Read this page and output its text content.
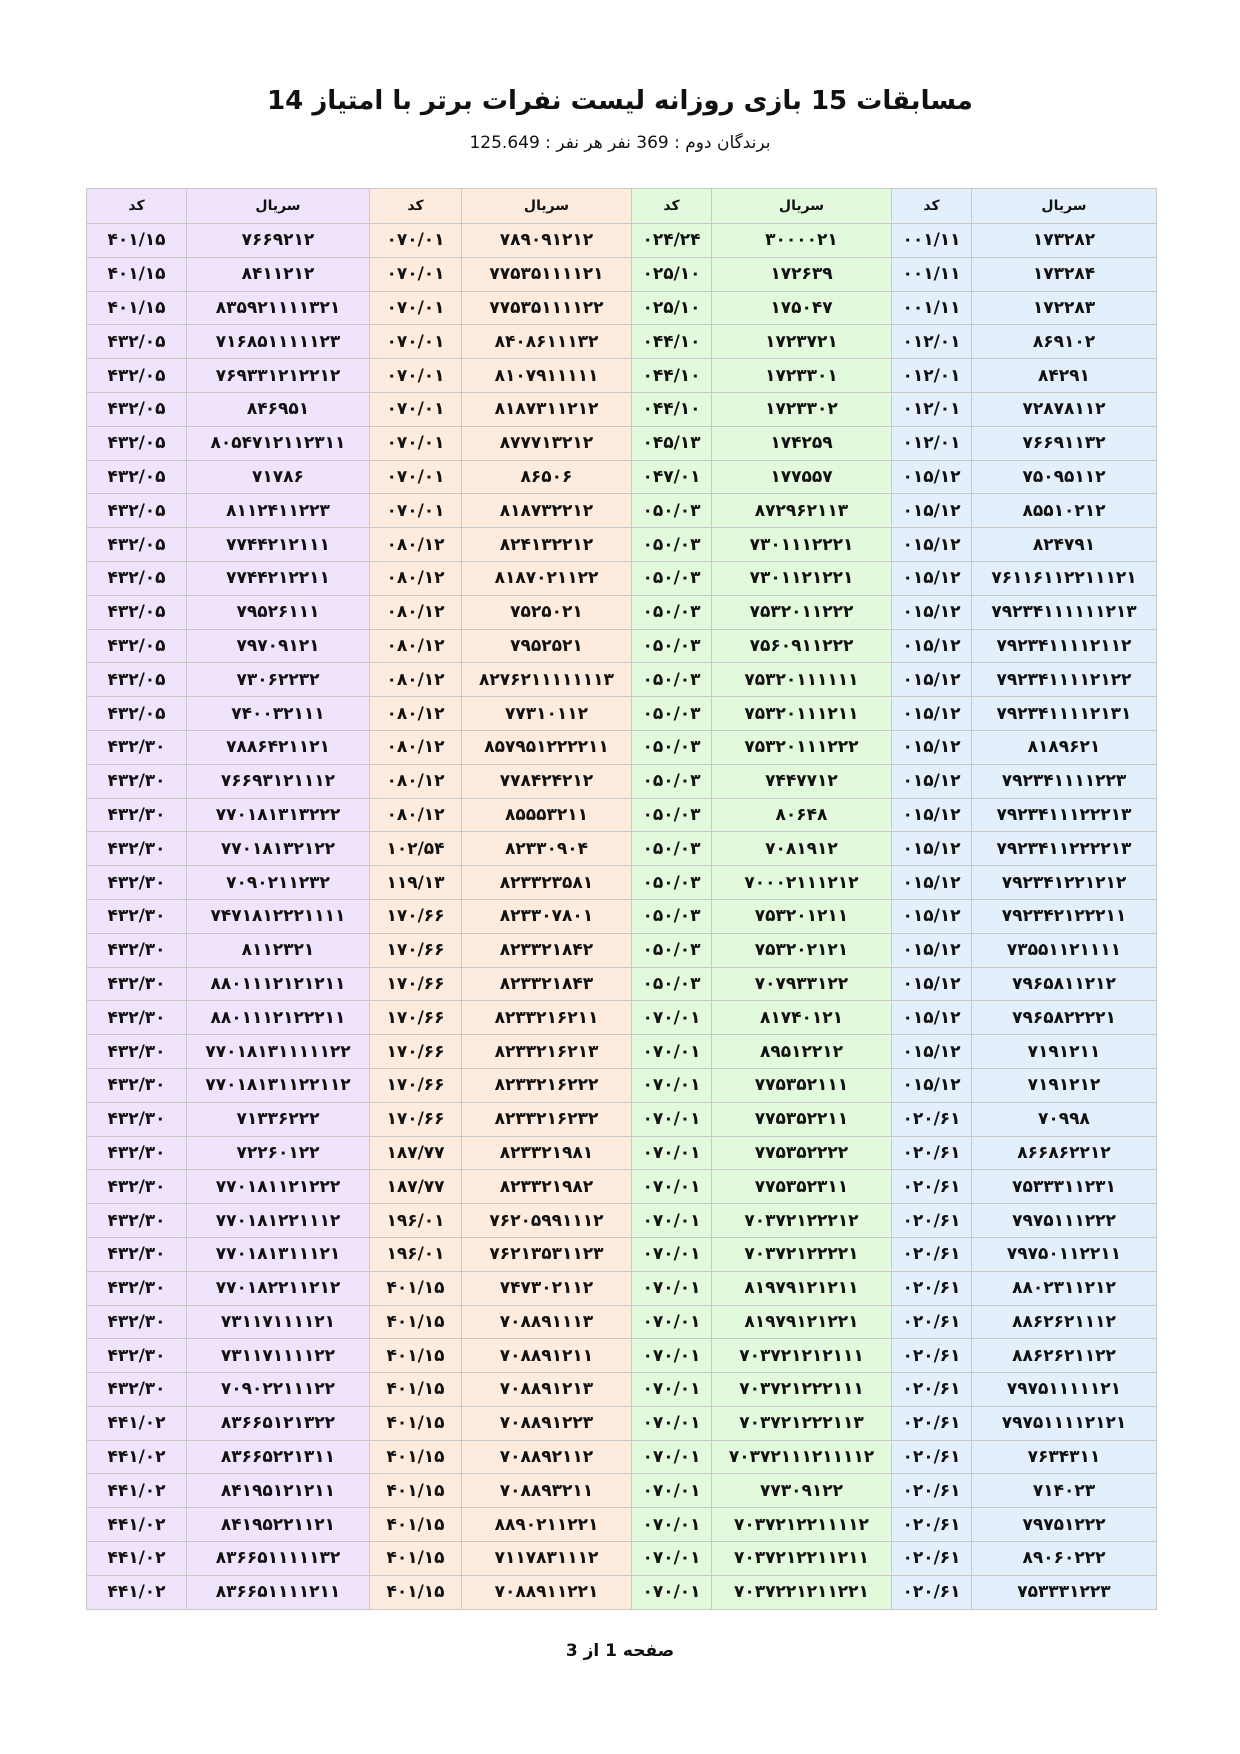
مسابقات 15 بازی روزانه لیست نفرات برتر با امتیاز 14
برندگان دوم : 369 نفر هر نفر : 125.649
سریال	کد	سریال	کد	سریال	کد	سریال	کد
۱۷۳۲۸۲	۰۰۱/۱۱	۳۰۰۰۰۲۱	۰۲۴/۲۴	۷۸۹۰۹۱۲۱۲	۰۷۰/۰۱	۷۶۶۹۲۱۲	۴۰۱/۱۵
۱۷۳۲۸۴	۰۰۱/۱۱	۱۷۲۶۳۹	۰۲۵/۱۰	۷۷۵۳۵۱۱۱۱۲۱	۰۷۰/۰۱	۸۴۱۱۲۱۲	۴۰۱/۱۵
۱۷۲۲۸۳	۰۰۱/۱۱	۱۷۵۰۴۷	۰۲۵/۱۰	۷۷۵۳۵۱۱۱۱۲۲	۰۷۰/۰۱	۸۳۵۹۲۱۱۱۱۳۲۱	۴۰۱/۱۵
۸۶۹۱۰۲	۰۱۲/۰۱	۱۷۲۳۷۲۱	۰۴۴/۱۰	۸۴۰۸۶۱۱۱۳۲	۰۷۰/۰۱	۷۱۶۸۵۱۱۱۱۱۲۳	۴۳۲/۰۵
۸۴۲۹۱	۰۱۲/۰۱	۱۷۲۳۳۰۱	۰۴۴/۱۰	۸۱۰۷۹۱۱۱۱۱	۰۷۰/۰۱	۷۶۹۳۳۱۲۱۲۲۱۲	۴۳۲/۰۵
۷۲۸۷۸۱۱۲	۰۱۲/۰۱	۱۷۲۳۳۰۲	۰۴۴/۱۰	۸۱۸۷۳۱۱۲۱۲	۰۷۰/۰۱	۸۴۶۹۵۱	۴۳۲/۰۵
۷۶۶۹۱۱۳۲	۰۱۲/۰۱	۱۷۴۲۵۹	۰۴۵/۱۳	۸۷۷۷۱۳۲۱۲	۰۷۰/۰۱	۸۰۵۴۷۱۲۱۱۲۳۱۱	۴۳۲/۰۵
۷۵۰۹۵۱۱۲	۰۱۵/۱۲	۱۷۷۵۵۷	۰۴۷/۰۱	۸۶۵۰۶	۰۷۰/۰۱	۷۱۷۸۶	۴۳۲/۰۵
۸۵۵۱۰۲۱۲	۰۱۵/۱۲	۸۷۲۹۶۲۱۱۳	۰۵۰/۰۳	۸۱۸۷۳۲۲۱۲	۰۷۰/۰۱	۸۱۱۲۴۱۱۲۲۳	۴۳۲/۰۵
۸۲۴۷۹۱	۰۱۵/۱۲	۷۳۰۱۱۱۲۲۲۱	۰۵۰/۰۳	۸۲۴۱۳۲۲۱۲	۰۸۰/۱۲	۷۷۴۴۲۱۲۱۱۱	۴۳۲/۰۵
۷۶۱۱۶۱۱۲۲۱۱۱۲۱	۰۱۵/۱۲	۷۳۰۱۱۲۱۲۲۱	۰۵۰/۰۳	۸۱۸۷۰۲۱۱۲۲	۰۸۰/۱۲	۷۷۴۴۲۱۲۲۱۱	۴۳۲/۰۵
۷۹۲۳۴۱۱۱۱۱۱۲۱۳	۰۱۵/۱۲	۷۵۳۲۰۱۱۲۲۲	۰۵۰/۰۳	۷۵۲۵۰۲۱	۰۸۰/۱۲	۷۹۵۲۶۱۱۱	۴۳۲/۰۵
۷۹۲۳۴۱۱۱۱۲۱۱۲	۰۱۵/۱۲	۷۵۶۰۹۱۱۲۲۲	۰۵۰/۰۳	۷۹۵۲۵۲۱	۰۸۰/۱۲	۷۹۷۰۹۱۲۱	۴۳۲/۰۵
۷۹۲۳۴۱۱۱۱۲۱۲۲	۰۱۵/۱۲	۷۵۳۲۰۱۱۱۱۱۱	۰۵۰/۰۳	۸۲۷۶۲۱۱۱۱۱۱۱۳	۰۸۰/۱۲	۷۳۰۶۲۲۳۲	۴۳۲/۰۵
۷۹۲۳۴۱۱۱۱۲۱۳۱	۰۱۵/۱۲	۷۵۳۲۰۱۱۱۲۱۱	۰۵۰/۰۳	۷۷۳۱۰۱۱۲	۰۸۰/۱۲	۷۴۰۰۳۲۱۱۱	۴۳۲/۰۵
۸۱۸۹۶۲۱	۰۱۵/۱۲	۷۵۳۲۰۱۱۱۲۲۲	۰۵۰/۰۳	۸۵۷۹۵۱۲۲۲۲۱۱	۰۸۰/۱۲	۷۸۸۶۴۲۱۱۲۱	۴۳۲/۳۰
۷۹۲۳۴۱۱۱۱۲۲۳	۰۱۵/۱۲	۷۴۴۷۷۱۲	۰۵۰/۰۳	۷۷۸۴۲۴۲۱۲	۰۸۰/۱۲	۷۶۶۹۳۱۲۱۱۱۲	۴۳۲/۳۰
۷۹۲۳۴۱۱۱۲۲۲۱۳	۰۱۵/۱۲	۸۰۶۴۸	۰۵۰/۰۳	۸۵۵۵۳۲۱۱	۰۸۰/۱۲	۷۷۰۱۸۱۳۱۳۲۲۲	۴۳۲/۳۰
۷۹۲۳۴۱۱۲۲۲۲۱۳	۰۱۵/۱۲	۷۰۸۱۹۱۲	۰۵۰/۰۳	۸۲۳۳۰۹۰۴	۱۰۲/۵۴	۷۷۰۱۸۱۳۲۱۲۲	۴۳۲/۳۰
۷۹۲۳۴۱۲۲۱۲۱۲	۰۱۵/۱۲	۷۰۰۰۲۱۱۱۲۱۲	۰۵۰/۰۳	۸۲۳۳۲۳۵۸۱	۱۱۹/۱۳	۷۰۹۰۲۱۱۲۳۲	۴۳۲/۳۰
۷۹۲۳۴۲۱۲۲۲۱۱	۰۱۵/۱۲	۷۵۳۲۰۱۲۱۱	۰۵۰/۰۳	۸۲۳۳۰۷۸۰۱	۱۷۰/۶۶	۷۴۷۱۸۱۲۲۲۱۱۱۱	۴۳۲/۳۰
۷۳۵۵۱۱۲۱۱۱۱	۰۱۵/۱۲	۷۵۳۲۰۲۱۲۱	۰۵۰/۰۳	۸۲۳۳۲۱۸۴۲	۱۷۰/۶۶	۸۱۱۲۳۲۱	۴۳۲/۳۰
۷۹۶۵۸۱۱۲۱۲	۰۱۵/۱۲	۷۰۷۹۳۳۱۲۲	۰۵۰/۰۳	۸۲۳۳۲۱۸۴۳	۱۷۰/۶۶	۸۸۰۱۱۱۲۱۲۱۲۱۱	۴۳۲/۳۰
۷۹۶۵۸۲۲۲۲۱	۰۱۵/۱۲	۸۱۷۴۰۱۲۱	۰۷۰/۰۱	۸۲۳۳۲۱۶۲۱۱	۱۷۰/۶۶	۸۸۰۱۱۱۲۱۲۲۲۱۱	۴۳۲/۳۰
۷۱۹۱۲۱۱	۰۱۵/۱۲	۸۹۵۱۲۲۱۲	۰۷۰/۰۱	۸۲۳۳۲۱۶۲۱۳	۱۷۰/۶۶	۷۷۰۱۸۱۳۱۱۱۱۱۲۲	۴۳۲/۳۰
۷۱۹۱۲۱۲	۰۱۵/۱۲	۷۷۵۳۵۲۱۱۱	۰۷۰/۰۱	۸۲۳۳۲۱۶۲۲۲	۱۷۰/۶۶	۷۷۰۱۸۱۳۱۱۲۲۱۱۲	۴۳۲/۳۰
۷۰۹۹۸	۰۲۰/۶۱	۷۷۵۳۵۲۲۱۱	۰۷۰/۰۱	۸۲۳۳۲۱۶۲۳۲	۱۷۰/۶۶	۷۱۳۳۶۲۲۲	۴۳۲/۳۰
۸۶۶۸۶۲۲۱۲	۰۲۰/۶۱	۷۷۵۳۵۲۲۲۲	۰۷۰/۰۱	۸۲۳۳۲۱۹۸۱	۱۸۷/۷۷	۷۲۲۶۰۱۲۲	۴۳۲/۳۰
۷۵۳۳۳۱۱۲۳۱	۰۲۰/۶۱	۷۷۵۳۵۲۳۱۱	۰۷۰/۰۱	۸۲۳۳۲۱۹۸۲	۱۸۷/۷۷	۷۷۰۱۸۱۱۲۱۲۲۲	۴۳۲/۳۰
۷۹۷۵۱۱۱۲۲۲	۰۲۰/۶۱	۷۰۳۷۲۱۲۲۲۱۲	۰۷۰/۰۱	۷۶۲۰۵۹۹۱۱۱۲	۱۹۶/۰۱	۷۷۰۱۸۱۲۲۱۱۱۲	۴۳۲/۳۰
۷۹۷۵۰۱۱۲۲۱۱	۰۲۰/۶۱	۷۰۳۷۲۱۲۲۲۲۱	۰۷۰/۰۱	۷۶۲۱۳۵۳۱۱۲۳	۱۹۶/۰۱	۷۷۰۱۸۱۳۱۱۱۲۱	۴۳۲/۳۰
۸۸۰۲۳۱۱۲۱۲	۰۲۰/۶۱	۸۱۹۷۹۱۲۱۲۱۱	۰۷۰/۰۱	۷۴۷۳۰۲۱۱۲	۴۰۱/۱۵	۷۷۰۱۸۲۲۱۱۲۱۲	۴۳۲/۳۰
۸۸۶۲۶۲۱۱۱۲	۰۲۰/۶۱	۸۱۹۷۹۱۲۱۲۲۱	۰۷۰/۰۱	۷۰۸۸۹۱۱۱۳	۴۰۱/۱۵	۷۳۱۱۷۱۱۱۱۲۱	۴۳۲/۳۰
۸۸۶۲۶۲۱۱۲۲	۰۲۰/۶۱	۷۰۳۷۲۱۲۱۲۱۱۱	۰۷۰/۰۱	۷۰۸۸۹۱۲۱۱	۴۰۱/۱۵	۷۳۱۱۷۱۱۱۱۲۲	۴۳۲/۳۰
۷۹۷۵۱۱۱۱۱۲۱	۰۲۰/۶۱	۷۰۳۷۲۱۲۲۲۱۱۱	۰۷۰/۰۱	۷۰۸۸۹۱۲۱۳	۴۰۱/۱۵	۷۰۹۰۲۲۱۱۱۲۲	۴۳۲/۳۰
۷۹۷۵۱۱۱۱۲۱۲۱	۰۲۰/۶۱	۷۰۳۷۲۱۲۲۲۱۱۳	۰۷۰/۰۱	۷۰۸۸۹۱۲۲۳	۴۰۱/۱۵	۸۳۶۶۵۱۲۱۳۲۲	۴۴۱/۰۲
۷۶۳۴۳۱۱	۰۲۰/۶۱	۷۰۳۷۲۱۱۱۲۱۱۱۱۲	۰۷۰/۰۱	۷۰۸۸۹۲۱۱۲	۴۰۱/۱۵	۸۳۶۶۵۲۲۱۳۱۱	۴۴۱/۰۲
۷۱۴۰۲۳	۰۲۰/۶۱	۷۷۳۰۹۱۲۲	۰۷۰/۰۱	۷۰۸۸۹۳۲۱۱	۴۰۱/۱۵	۸۴۱۹۵۱۲۱۲۱۱	۴۴۱/۰۲
۷۹۷۵۱۲۲۲	۰۲۰/۶۱	۷۰۳۷۲۱۲۲۱۱۱۱۲	۰۷۰/۰۱	۸۸۹۰۲۱۱۲۲۱	۴۰۱/۱۵	۸۴۱۹۵۲۲۱۱۲۱	۴۴۱/۰۲
۸۹۰۶۰۲۲۲	۰۲۰/۶۱	۷۰۳۷۲۱۲۲۱۱۲۱۱	۰۷۰/۰۱	۷۱۱۷۸۳۱۱۱۲	۴۰۱/۱۵	۸۳۶۶۵۱۱۱۱۱۳۲	۴۴۱/۰۲
۷۵۳۳۳۱۲۲۳	۰۲۰/۶۱	۷۰۳۷۲۲۱۲۱۱۲۲۱	۰۷۰/۰۱	۷۰۸۸۹۱۱۲۲۱	۴۰۱/۱۵	۸۳۶۶۵۱۱۱۱۲۱۱	۴۴۱/۰۲
صفحه 1 از 3
